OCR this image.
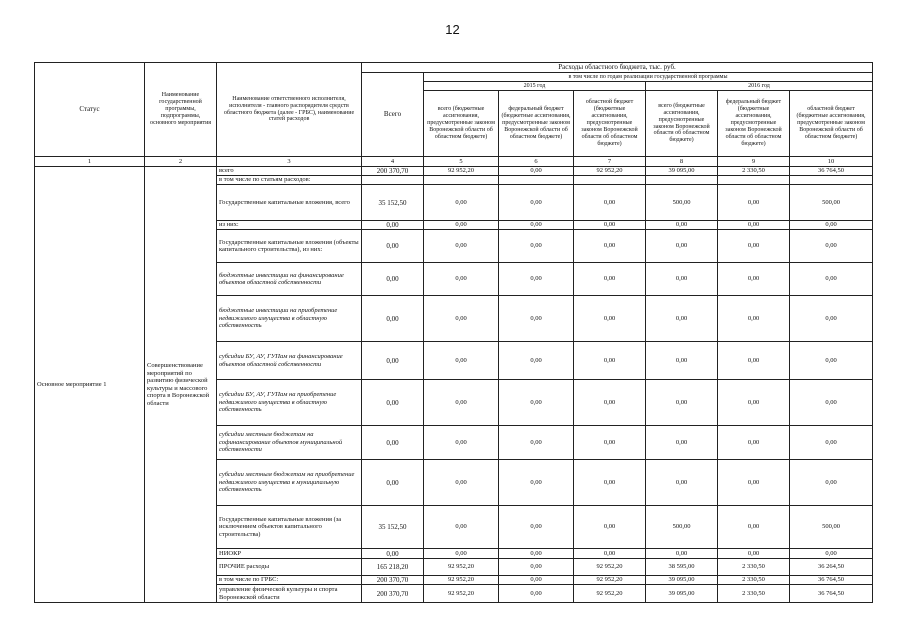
12
Статус	Наименование государственной программы, подпрограммы, основного мероприятия	Наименование ответственного исполнителя, исполнителя - главного распорядителя средств областного бюджета (далее - ГРБС), наименование статей расходов	Расходы областного бюджета, тыс. руб.						
			Всего	в том числе по годам реализации государственной программы					
				2015 год			2016 год		
				всего (бюджетные ассигнования, предусмотренные законом Воронежской области об областном бюджете)	федеральный бюджет (бюджетные ассигнования, предусмотренные законом Воронежской области об областном бюджете)	областной бюджет (бюджетные ассигнования, предусмотренные законом Воронежской области об областном бюджете)	всего (бюджетные ассигнования, предусмотренные законом Воронежской области об областном бюджете)	федеральный бюджет (бюджетные ассигнования, предусмотренные законом Воронежской области об областном бюджете)	областной бюджет (бюджетные ассигнования, предусмотренные законом Воронежской области об областном бюджете)
1	2	3	4	5	6	7	8	9	10
Основное мероприятие 1	Совершенствование мероприятий по развитию физической культуры и массового спорта в Воронежской области	всего	200 370,70	92 952,20	0,00	92 952,20	39 095,00	2 330,50	36 764,50
		в том числе по статьям расходов:							
		Государственные капитальные вложения, всего	35 152,50	0,00	0,00	0,00	500,00	0,00	500,00
		из них:	0,00	0,00	0,00	0,00	0,00	0,00	0,00
		Государственные капитальные вложения (объекты капитального строительства), из них:	0,00	0,00	0,00	0,00	0,00	0,00	0,00
		бюджетные инвестиции на финансирование объектов областной собственности	0,00	0,00	0,00	0,00	0,00	0,00	0,00
		бюджетные инвестиции на приобретение недвижимого имущества в областную собственность	0,00	0,00	0,00	0,00	0,00	0,00	0,00
		субсидии БУ, АУ, ГУПам на финансирование объектов областной собственности	0,00	0,00	0,00	0,00	0,00	0,00	0,00
		субсидии БУ, АУ, ГУПам на приобретение недвижимого имущества в областную собственность	0,00	0,00	0,00	0,00	0,00	0,00	0,00
		субсидии местным бюджетам на софинансирование объектов муниципальной собственности	0,00	0,00	0,00	0,00	0,00	0,00	0,00
		субсидии местным бюджетам на приобретение недвижимого имущества в муниципальную собственность	0,00	0,00	0,00	0,00	0,00	0,00	0,00
		Государственные капитальные вложения (за исключением объектов капитального строительства)	35 152,50	0,00	0,00	0,00	500,00	0,00	500,00
		НИОКР	0,00	0,00	0,00	0,00	0,00	0,00	0,00
		ПРОЧИЕ расходы	165 218,20	92 952,20	0,00	92 952,20	38 595,00	2 330,50	36 264,50
		в том числе по ГРБС:	200 370,70	92 952,20	0,00	92 952,20	39 095,00	2 330,50	36 764,50
		управление физической культуры и спорта Воронежской области	200 370,70	92 952,20	0,00	92 952,20	39 095,00	2 330,50	36 764,50
